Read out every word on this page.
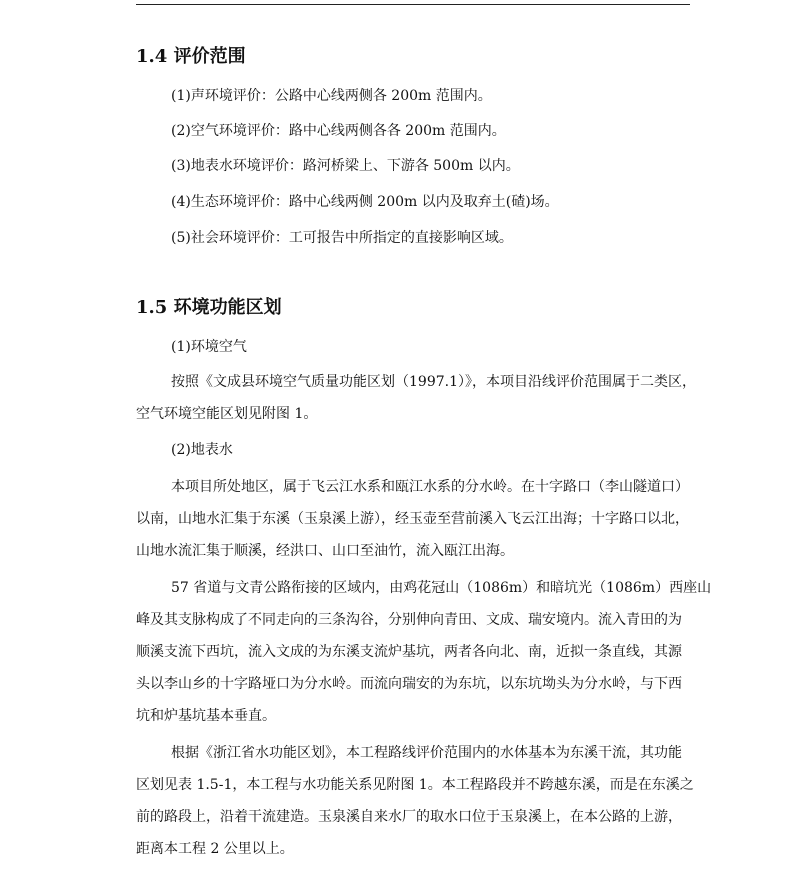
1.4 评价范围
(1)声环境评价：公路中心线两侧各 200m 范围内。
(2)空气环境评价：路中心线两侧各各 200m 范围内。
(3)地表水环境评价：路河桥梁上、下游各 500m 以内。
(4)生态环境评价：路中心线两侧 200m 以内及取弃土(碴)场。
(5)社会环境评价：工可报告中所指定的直接影响区域。
1.5 环境功能区划
(1)环境空气
按照《文成县环境空气质量功能区划（1997.1）》，本项目沿线评价范围属于二类区，
空气环境空能区划见附图 1。
(2)地表水
本项目所处地区，属于飞云江水系和瓯江水系的分水岭。在十字路口（李山隧道口）
以南，山地水汇集于东溪（玉泉溪上游），经玉壶至营前溪入飞云江出海；十字路口以北，
山地水流汇集于顺溪，经洪口、山口至油竹，流入瓯江出海。
57 省道与文青公路衔接的区域内，由鸡花冠山（1086m）和暗坑光（1086m）西座山
峰及其支脉构成了不同走向的三条沟谷，分别伸向青田、文成、瑞安境内。流入青田的为
顺溪支流下西坑，流入文成的为东溪支流炉基坑，两者各向北、南，近拟一条直线，其源
头以李山乡的十字路垭口为分水岭。而流向瑞安的为东坑，以东坑坳头为分水岭，与下西
坑和炉基坑基本垂直。
根据《浙江省水功能区划》，本工程路线评价范围内的水体基本为东溪干流，其功能
区划见表 1.5-1，本工程与水功能关系见附图 1。本工程路段并不跨越东溪，而是在东溪之
前的路段上，沿着干流建造。玉泉溪自来水厂的取水口位于玉泉溪上，在本公路的上游，
距离本工程 2 公里以上。
